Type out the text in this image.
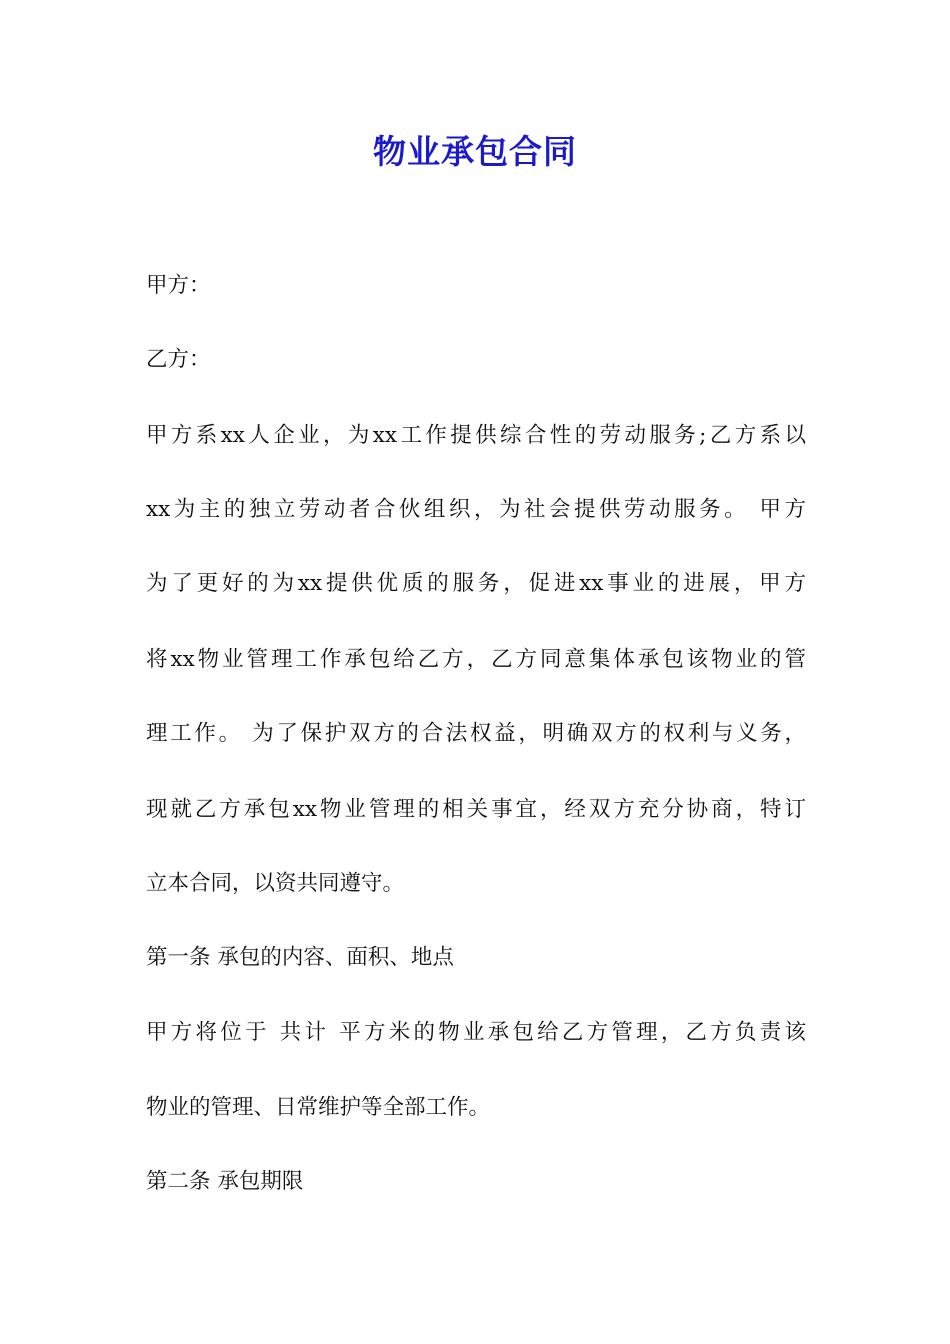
物业承包合同
甲方：
乙方：
甲方系xx人企业，为xx工作提供综合性的劳动服务;乙方系以
xx为主的独立劳动者合伙组织，为社会提供劳动服务。 甲方
为了更好的为xx提供优质的服务，促进xx事业的进展，甲方
将xx物业管理工作承包给乙方，乙方同意集体承包该物业的管
理工作。 为了保护双方的合法权益，明确双方的权利与义务，
现就乙方承包xx物业管理的相关事宜，经双方充分协商，特订
立本合同，以资共同遵守。
第一条 承包的内容、面积、地点
甲方将位于 共计 平方米的物业承包给乙方管理，乙方负责该
物业的管理、日常维护等全部工作。
第二条 承包期限
